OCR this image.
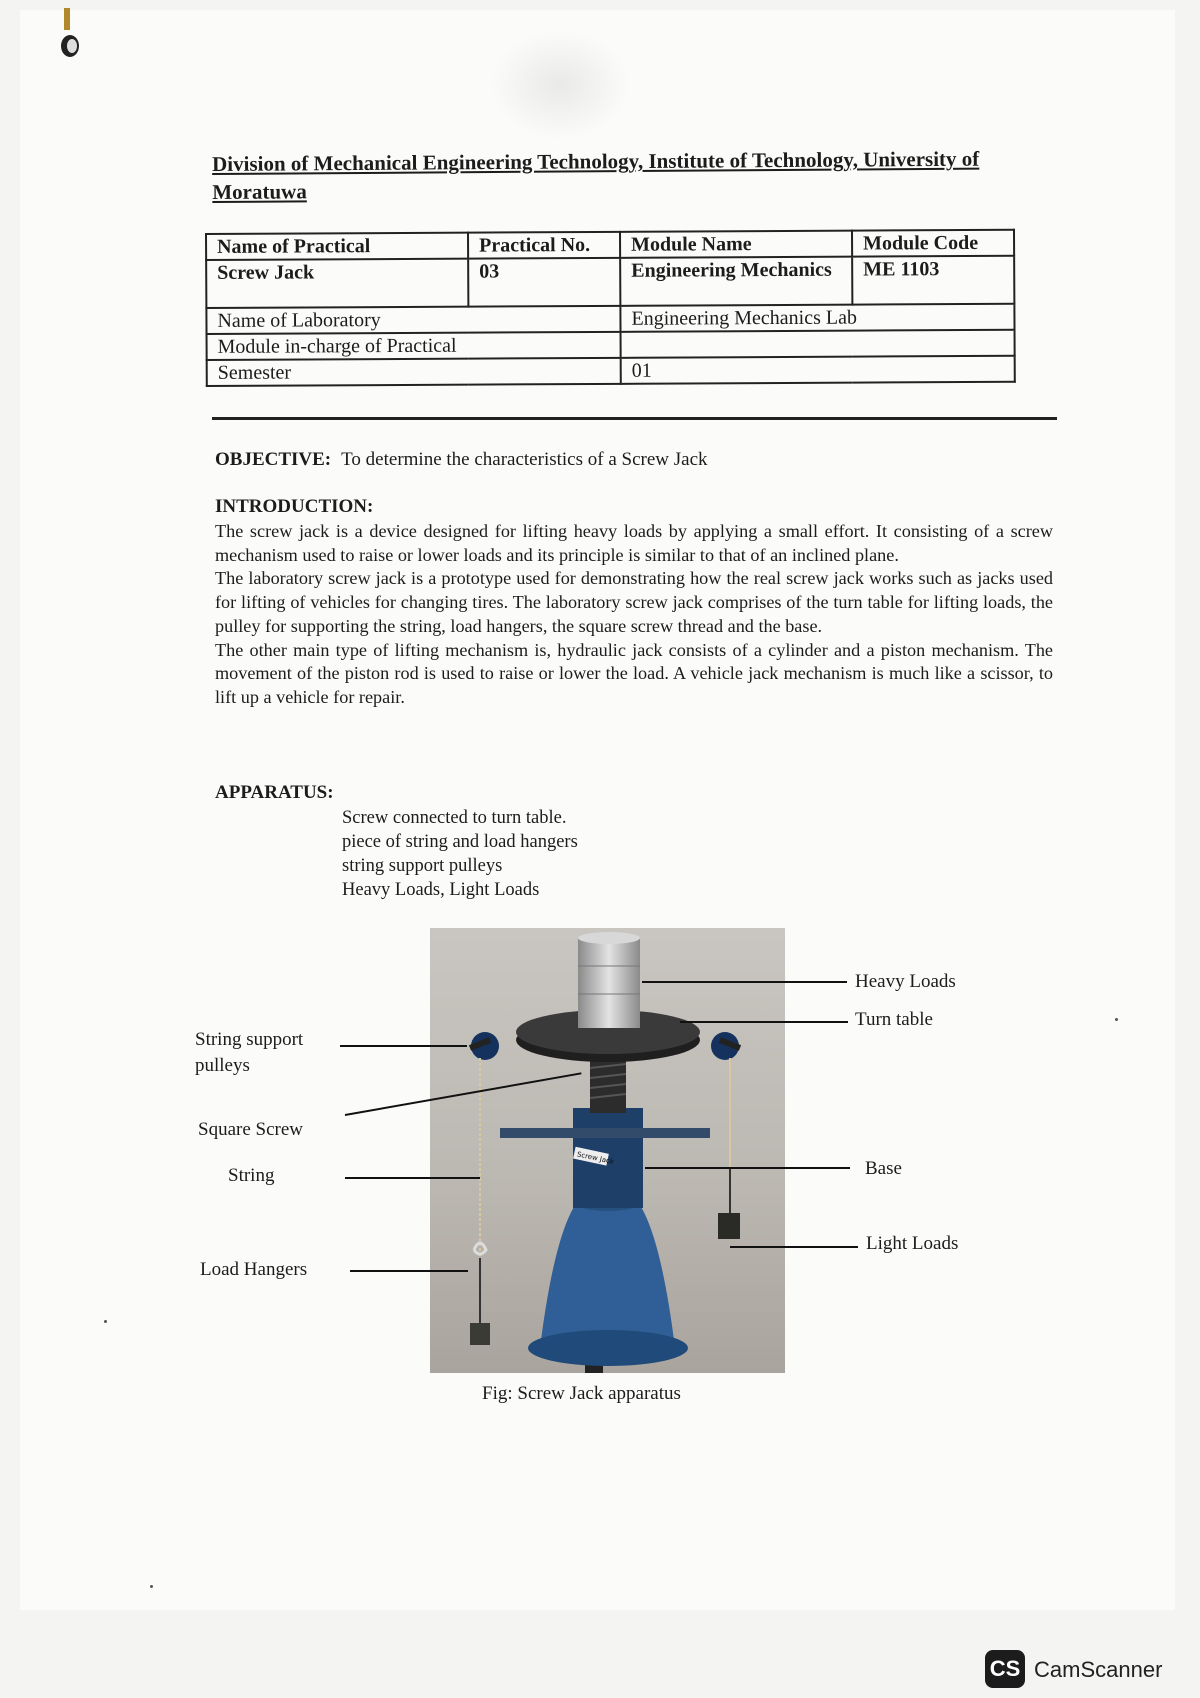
Division of Mechanical Engineering Technology, Institute of Technology, University of Moratuwa
Name of Practical	Practical No.	Module Name	Module Code
Screw Jack	03	Engineering Mechanics	ME 1103
Name of Laboratory		Engineering Mechanics Lab	
Module in-charge of Practical			
Semester		01	
OBJECTIVE: To determine the characteristics of a Screw Jack
INTRODUCTION:

The screw jack is a device designed for lifting heavy loads by applying a small effort. It consisting of a screw mechanism used to raise or lower loads and its principle is similar to that of an inclined plane.

The laboratory screw jack is a prototype used for demonstrating how the real screw jack works such as jacks used for lifting of vehicles for changing tires. The laboratory screw jack comprises of the turn table for lifting loads, the pulley for supporting the string, load hangers, the square screw thread and the base.

The other main type of lifting mechanism is, hydraulic jack consists of a cylinder and a piston mechanism. The movement of the piston rod is used to raise or lower the load. A vehicle jack mechanism is much like a scissor, to lift up a vehicle for repair.

APPARATUS:
Screw connected to turn table.
piece of string and load hangers
string support pulleys
Heavy Loads, Light Loads
Screw Jack
Heavy Loads
Turn table
String support pulleys
Square Screw
String	Base
Light Loads
Load Hangers
Fig: Screw Jack apparatus
CS CamScanner
